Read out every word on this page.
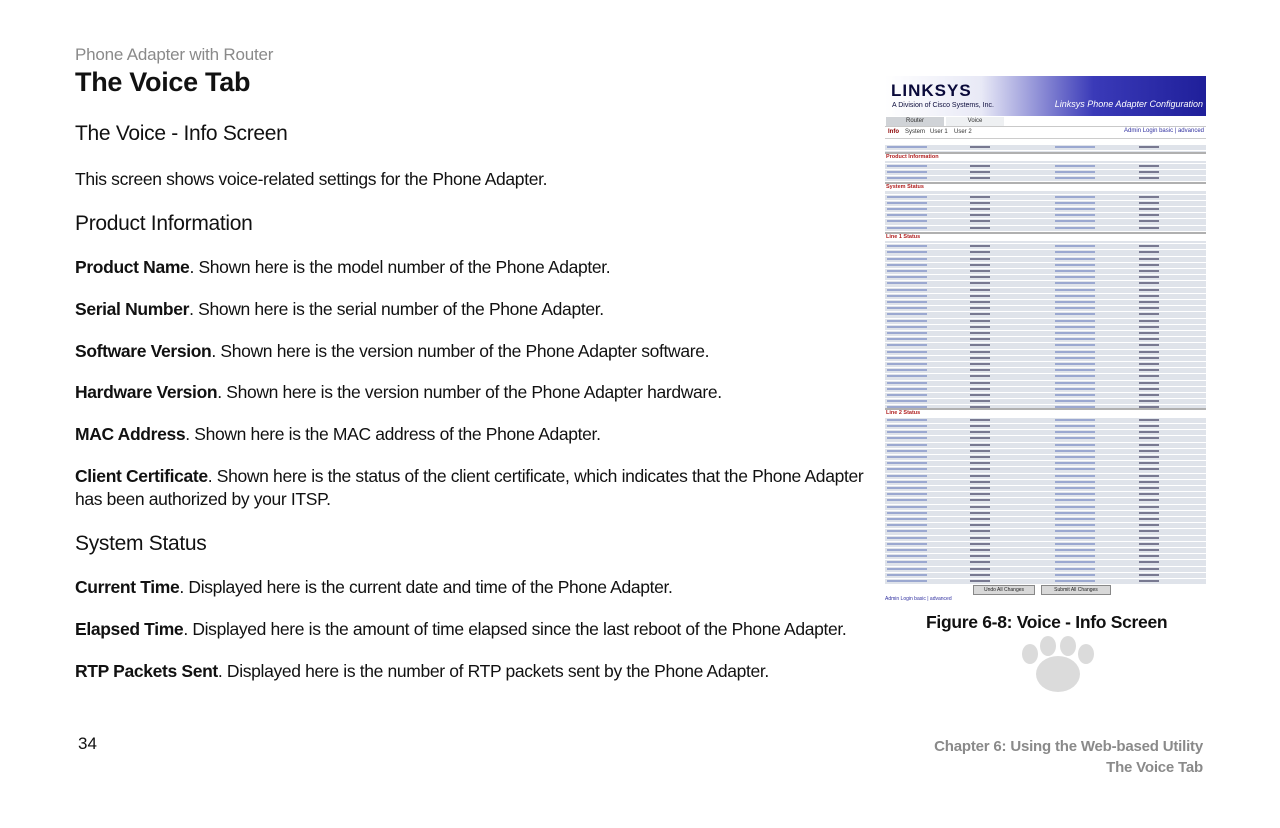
Phone Adapter with Router
The Voice Tab
The Voice - Info Screen
This screen shows voice-related settings for the Phone Adapter.
Product Information
Product Name. Shown here is the model number of the Phone Adapter.
Serial Number. Shown here is the serial number of the Phone Adapter.
Software Version. Shown here is the version number of the Phone Adapter software.
Hardware Version. Shown here is the version number of the Phone Adapter hardware.
MAC Address. Shown here is the MAC address of the Phone Adapter.
Client Certificate. Shown here is the status of the client certificate, which indicates that the Phone Adapter has been authorized by your ITSP.
System Status
Current Time. Displayed here is the current date and time of the Phone Adapter.
Elapsed Time. Displayed here is the amount of time elapsed since the last reboot of the Phone Adapter.
RTP Packets Sent. Displayed here is the number of RTP packets sent by the Phone Adapter.
34
LINKSYS
A Division of Cisco Systems, Inc.	Linksys Phone Adapter Configuration
Router	Voice
Info System User 1 User 2	Admin Login basic | advanced
Product Information
System Status
Line 1 Status
Line 2 Status
Undo All Changes	Submit All Changes
Admin Login basic | advanced
Figure 6-8: Voice - Info Screen
Chapter 6: Using the Web-based Utility
The Voice Tab
